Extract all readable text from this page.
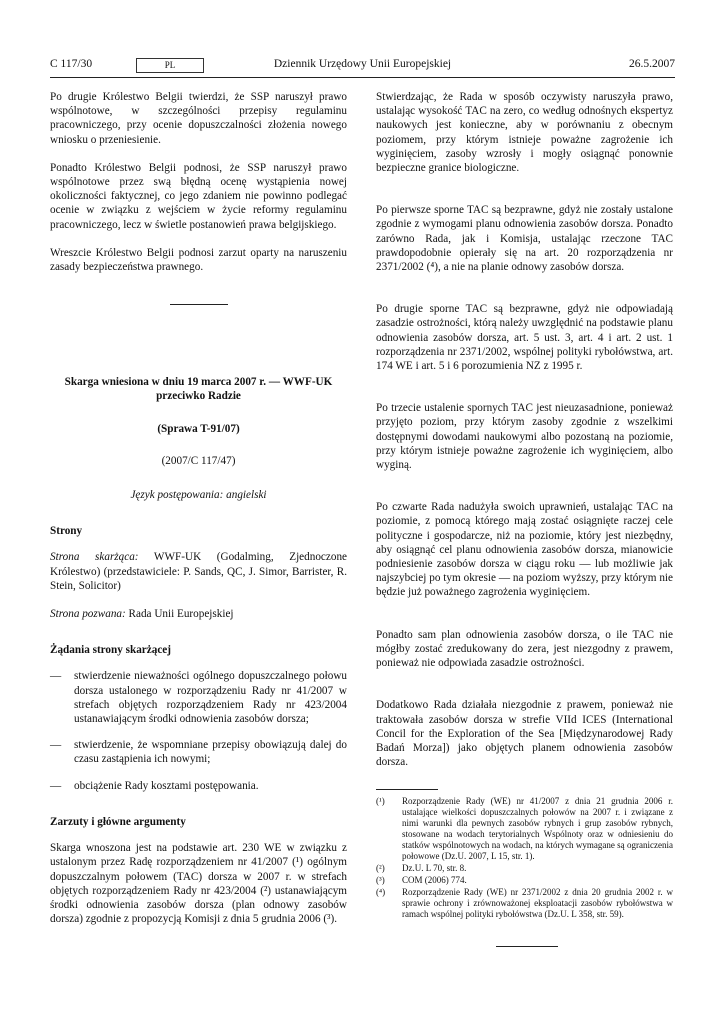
C 117/30	PL	Dziennik Urzędowy Unii Europejskiej	26.5.2007

Po drugie Królestwo Belgii twierdzi, że SSP naruszył prawo wspólnotowe, w szczególności przepisy regulaminu pracowniczego, przy ocenie dopuszczalności złożenia nowego wniosku o przeniesienie.

Ponadto Królestwo Belgii podnosi, że SSP naruszył prawo wspólnotowe przez swą błędną ocenę wystąpienia nowej okoliczności faktycznej, co jego zdaniem nie powinno podlegać ocenie w związku z wejściem w życie reformy regulaminu pracowniczego, lecz w świetle postanowień prawa belgijskiego.

Wreszcie Królestwo Belgii podnosi zarzut oparty na naruszeniu zasady bezpieczeństwa prawnego.

Skarga wniesiona w dniu 19 marca 2007 r. — WWF-UK przeciwko Radzie
(Sprawa T-91/07)
(2007/C 117/47)
Język postępowania: angielski
Strony

Strona skarżąca: WWF-UK (Godalming, Zjednoczone Królestwo) (przedstawiciele: P. Sands, QC, J. Simor, Barrister, R. Stein, Solicitor)

Strona pozwana: Rada Unii Europejskiej

Żądania strony skarżącej
— stwierdzenie nieważności ogólnego dopuszczalnego połowu dorsza ustalonego w rozporządzeniu Rady nr 41/2007 w strefach objętych rozporządzeniem Rady nr 423/2004 ustanawiającym środki odnowienia zasobów dorsza;
— stwierdzenie, że wspomniane przepisy obowiązują dalej do czasu zastąpienia ich nowymi;
— obciążenie Rady kosztami postępowania.
Zarzuty i główne argumenty

Skarga wnoszona jest na podstawie art. 230 WE w związku z ustalonym przez Radę rozporządzeniem nr 41/2007 (¹) ogólnym dopuszczalnym połowem (TAC) dorsza w 2007 r. w strefach objętych rozporządzeniem Rady nr 423/2004 (²) ustanawiającym środki odnowienia zasobów dorsza (plan odnowy zasobów dorsza) zgodnie z propozycją Komisji z dnia 5 grudnia 2006 (³).

Stwierdzając, że Rada w sposób oczywisty naruszyła prawo, ustalając wysokość TAC na zero, co według odnośnych ekspertyz naukowych jest konieczne, aby w porównaniu z obecnym poziomem, przy którym istnieje poważne zagrożenie ich wyginięciem, zasoby wzrosły i mogły osiągnąć ponownie bezpieczne granice biologiczne.

Po pierwsze sporne TAC są bezprawne, gdyż nie zostały ustalone zgodnie z wymogami planu odnowienia zasobów dorsza. Ponadto zarówno Rada, jak i Komisja, ustalając rzeczone TAC prawdopodobnie opierały się na art. 20 rozporządzenia nr 2371/2002 (⁴), a nie na planie odnowy zasobów dorsza.

Po drugie sporne TAC są bezprawne, gdyż nie odpowiadają zasadzie ostrożności, którą należy uwzględnić na podstawie planu odnowienia zasobów dorsza, art. 5 ust. 3, art. 4 i art. 2 ust. 1 rozporządzenia nr 2371/2002, wspólnej polityki rybołówstwa, art. 174 WE i art. 5 i 6 porozumienia NZ z 1995 r.

Po trzecie ustalenie spornych TAC jest nieuzasadnione, ponieważ przyjęto poziom, przy którym zasoby zgodnie z wszelkimi dostępnymi dowodami naukowymi albo pozostaną na poziomie, przy którym istnieje poważne zagrożenie ich wyginięciem, albo wyginą.

Po czwarte Rada nadużyła swoich uprawnień, ustalając TAC na poziomie, z pomocą którego mają zostać osiągnięte raczej cele polityczne i gospodarcze, niż na poziomie, który jest niezbędny, aby osiągnąć cel planu odnowienia zasobów dorsza, mianowicie podniesienie zasobów dorsza w ciągu roku — lub możliwie jak najszybciej po tym okresie — na poziom wyższy, przy którym nie będzie już poważnego zagrożenia wyginięciem.

Ponadto sam plan odnowienia zasobów dorsza, o ile TAC nie mógłby zostać zredukowany do zera, jest niezgodny z prawem, ponieważ nie odpowiada zasadzie ostrożności.

Dodatkowo Rada działała niezgodnie z prawem, ponieważ nie traktowała zasobów dorsza w strefie VIId ICES (International Concil for the Exploration of the Sea [Międzynarodowej Rady Badań Morza]) jako objętych planem odnowienia zasobów dorsza.

(¹) Rozporządzenie Rady (WE) nr 41/2007 z dnia 21 grudnia 2006 r. ustalające wielkości dopuszczalnych połowów na 2007 r. i związane z nimi warunki dla pewnych zasobów rybnych i grup zasobów rybnych, stosowane na wodach terytorialnych Wspólnoty oraz w odniesieniu do statków wspólnotowych na wodach, na których wymagane są ograniczenia połowowe (Dz.U. 2007, L 15, str. 1).
(²) Dz.U. L 70, str. 8.
(³) COM (2006) 774.
(⁴) Rozporządzenie Rady (WE) nr 2371/2002 z dnia 20 grudnia 2002 r. w sprawie ochrony i zrównoważonej eksploatacji zasobów rybołówstwa w ramach wspólnej polityki rybołówstwa (Dz.U. L 358, str. 59).
